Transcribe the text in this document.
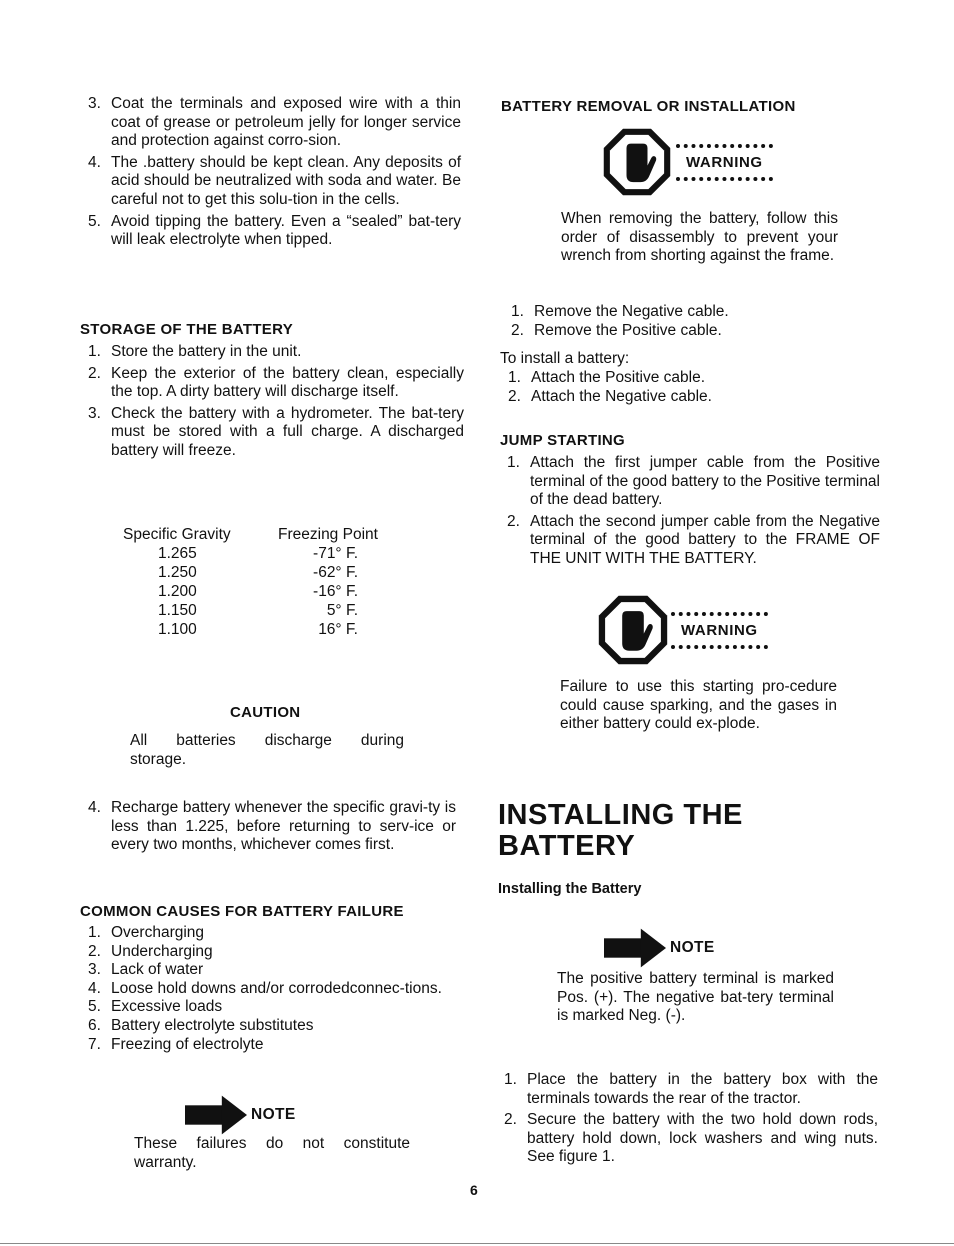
3. Coat the terminals and exposed wire with a thin coat of grease or petroleum jelly for longer service and protection against corro-sion.
4. The .battery should be kept clean. Any deposits of acid should be neutralized with soda and water. Be careful not to get this solu-tion in the cells.
5. Avoid tipping the battery. Even a “sealed” bat-tery will leak electrolyte when tipped.
STORAGE OF THE BATTERY
1. Store the battery in the unit.
2. Keep the exterior of the battery clean, especially the top. A dirty battery will discharge itself.
3. Check the battery with a hydrometer. The bat-tery must be stored with a full charge. A discharged battery will freeze.
Specific Gravity	Freezing Point
1.265	-71° F.
1.250	-62° F.
1.200	-16° F.
1.150	5° F.
1.100	16° F.
CAUTION
All batteries discharge during storage.
4. Recharge battery whenever the specific gravi-ty is less than 1.225, before returning to serv-ice or every two months, whichever comes first.
COMMON CAUSES FOR BATTERY FAILURE
1. Overcharging
2. Undercharging
3. Lack of water
4. Loose hold downs and/or corrodedconnec-tions.
5. Excessive loads
6. Battery electrolyte substitutes
7. Freezing of electrolyte
NOTE
These failures do not constitute warranty.
BATTERY REMOVAL OR INSTALLATION
WARNING
When removing the battery, follow this order of disassembly to prevent your wrench from shorting against the frame.
1. Remove the Negative cable.
2. Remove the Positive cable.
To install a battery:
1. Attach the Positive cable.
2. Attach the Negative cable.
JUMP STARTING
1. Attach the first jumper cable from the Positive terminal of the good battery to the Positive terminal of the dead battery.
2. Attach the second jumper cable from the Negative terminal of the good battery to the FRAME OF THE UNIT WITH THE BATTERY.
WARNING
Failure to use this starting pro-cedure could cause sparking, and the gases in either battery could ex-plode.
INSTALLING THE
BATTERY
Installing the Battery
NOTE
The positive battery terminal is marked Pos. (+). The negative bat-tery terminal is marked Neg. (-).
1. Place the battery in the battery box with the terminals towards the rear of the tractor.
2. Secure the battery with the two hold down rods, battery hold down, lock washers and wing nuts. See figure 1.
6
